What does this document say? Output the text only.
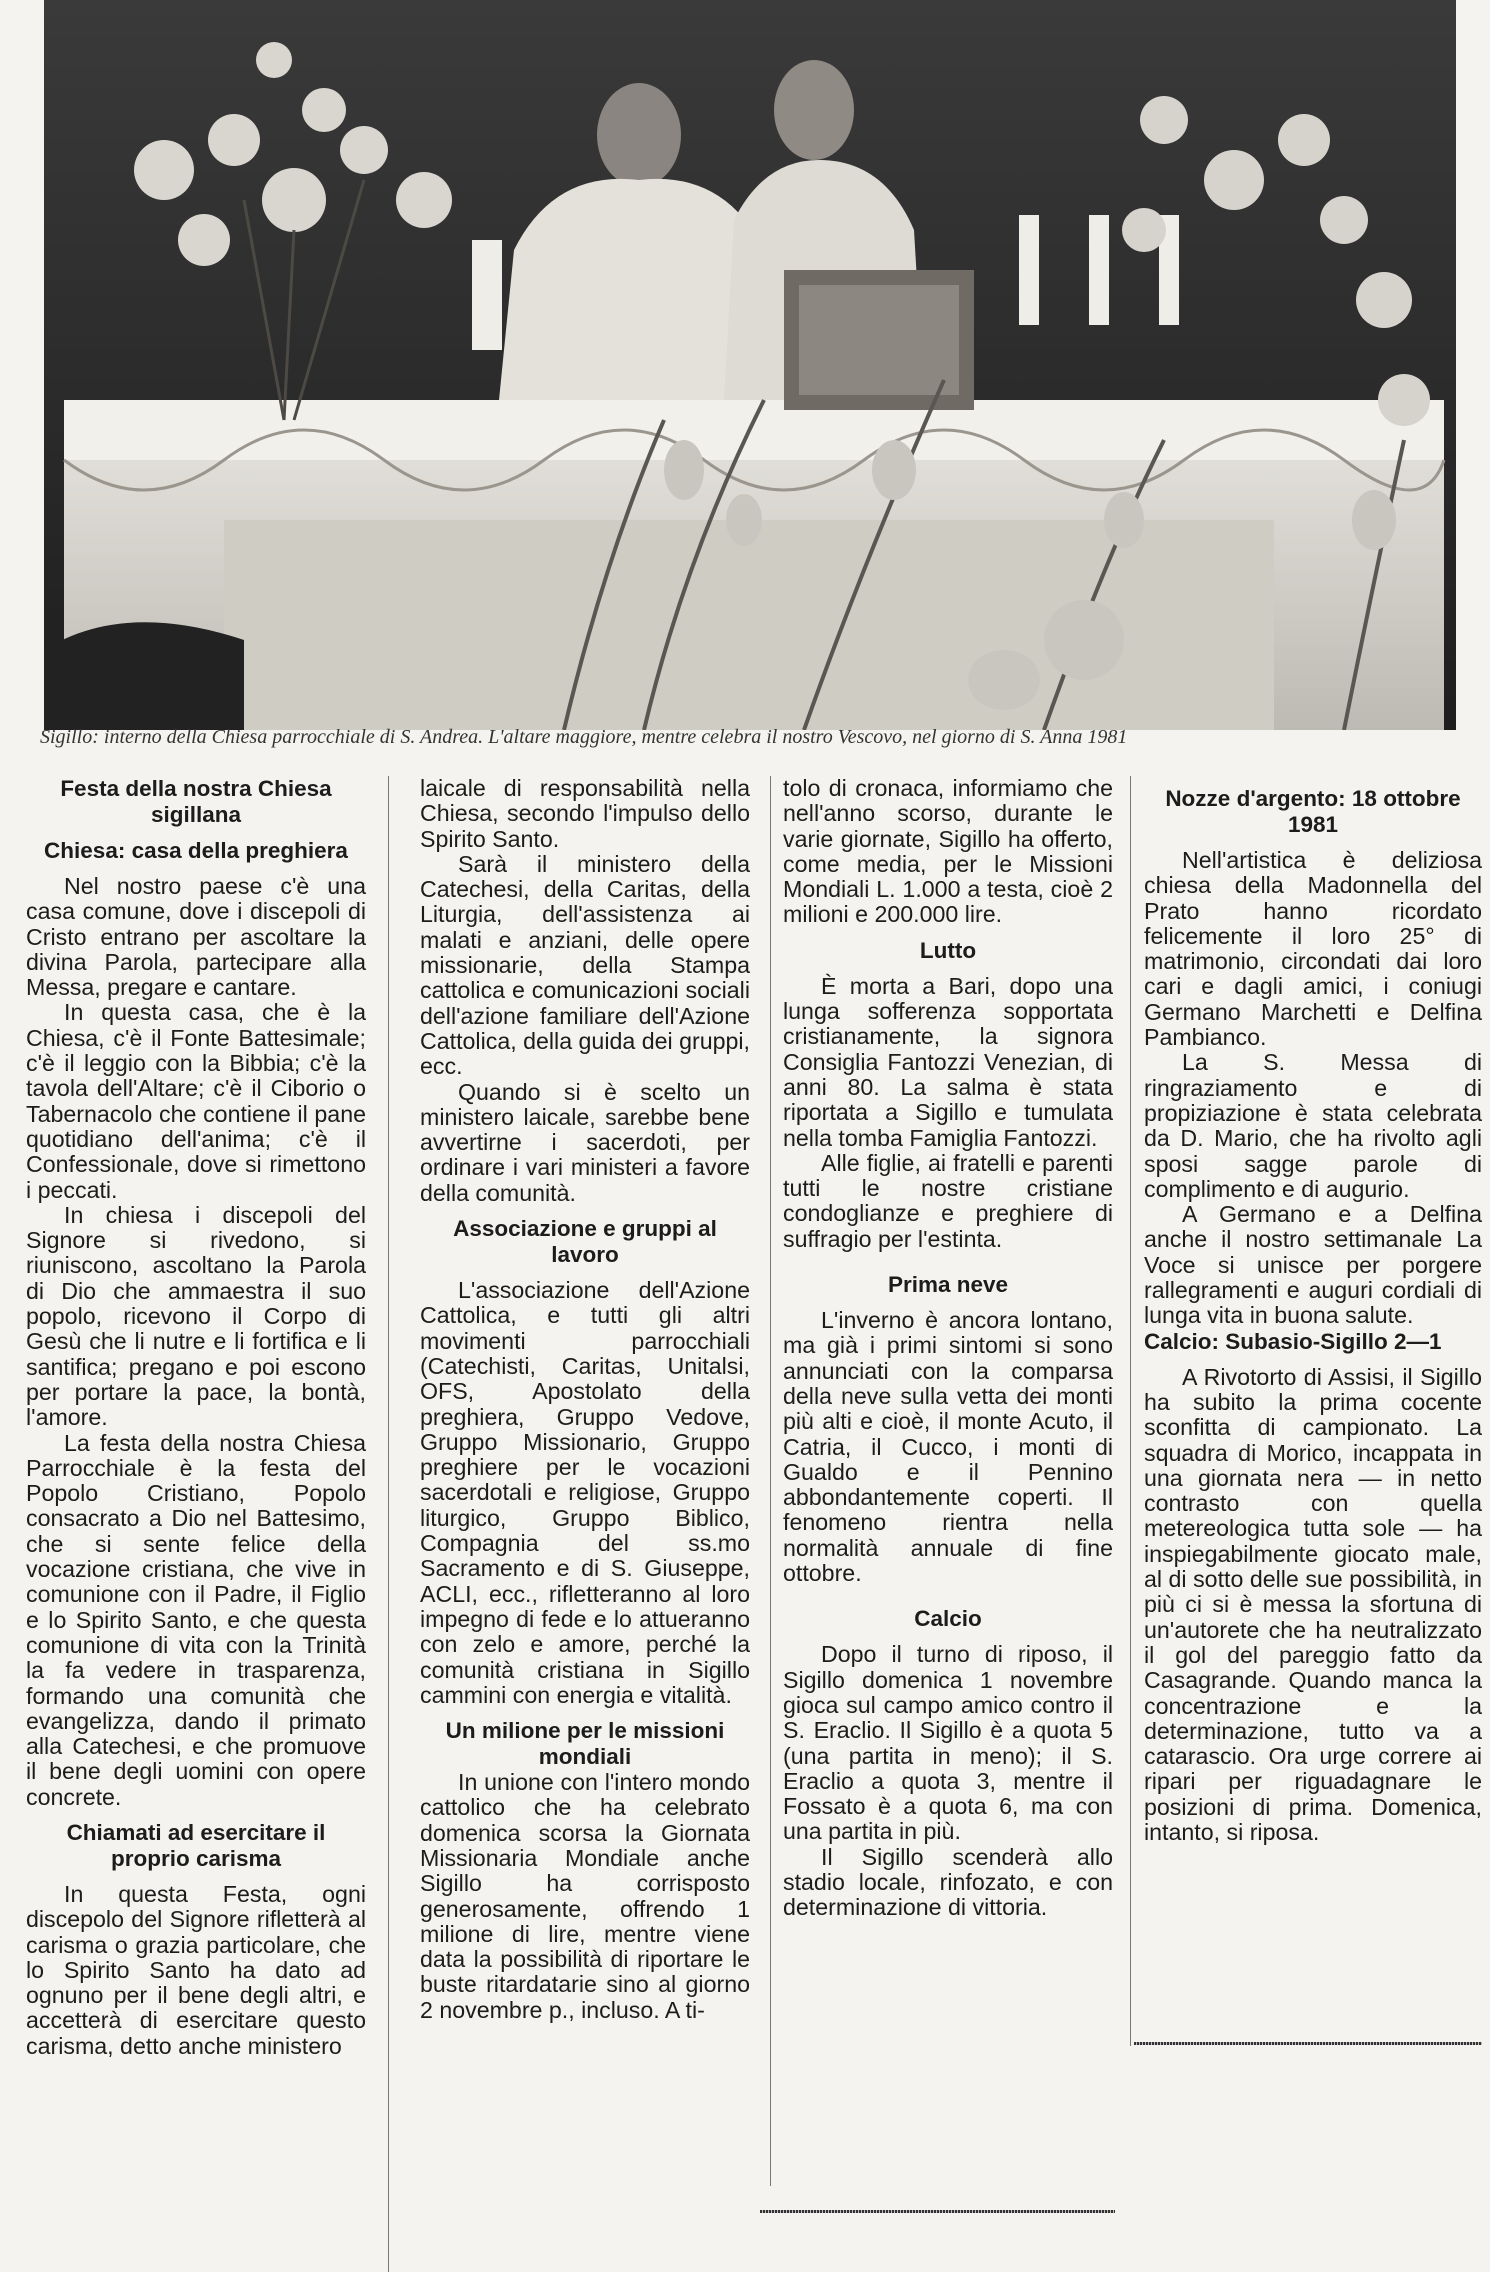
Sigillo: interno della Chiesa parrocchiale di S. Andrea. L'altare maggiore, mentre celebra il nostro Vescovo, nel giorno di S. Anna 1981
Festa della nostra Chiesa sigillana
Chiesa: casa della preghiera

Nel nostro paese c'è una casa comune, dove i discepoli di Cristo entrano per ascoltare la divina Parola, partecipare alla Messa, pregare e cantare.

In questa casa, che è la Chiesa, c'è il Fonte Battesimale; c'è il leggio con la Bibbia; c'è la tavola dell'Altare; c'è il Ciborio o Tabernacolo che contiene il pane quotidiano dell'anima; c'è il Confessionale, dove si rimettono i peccati.

In chiesa i discepoli del Signore si rivedono, si riuniscono, ascoltano la Parola di Dio che ammaestra il suo popolo, ricevono il Corpo di Gesù che li nutre e li fortifica e li santifica; pregano e poi escono per portare la pace, la bontà, l'amore.

La festa della nostra Chiesa Parrocchiale è la festa del Popolo Cristiano, Popolo consacrato a Dio nel Battesimo, che si sente felice della vocazione cristiana, che vive in comunione con il Padre, il Figlio e lo Spirito Santo, e che questa comunione di vita con la Trinità la fa vedere in trasparenza, formando una comunità che evangelizza, dando il primato alla Catechesi, e che promuove il bene degli uomini con opere concrete.

Chiamati ad esercitare il proprio carisma

In questa Festa, ogni discepolo del Signore rifletterà al carisma o grazia particolare, che lo Spirito Santo ha dato ad ognuno per il bene degli altri, e accetterà di esercitare questo carisma, detto anche ministero

laicale di responsabilità nella Chiesa, secondo l'impulso dello Spirito Santo.

Sarà il ministero della Catechesi, della Caritas, della Liturgia, dell'assistenza ai malati e anziani, delle opere missionarie, della Stampa cattolica e comunicazioni sociali dell'azione familiare dell'Azione Cattolica, della guida dei gruppi, ecc.

Quando si è scelto un ministero laicale, sarebbe bene avvertirne i sacerdoti, per ordinare i vari ministeri a favore della comunità.

Associazione e gruppi al lavoro

L'associazione dell'Azione Cattolica, e tutti gli altri movimenti parrocchiali (Catechisti, Caritas, Unitalsi, OFS, Apostolato della preghiera, Gruppo Vedove, Gruppo Missionario, Gruppo preghiere per le vocazioni sacerdotali e religiose, Gruppo liturgico, Gruppo Biblico, Compagnia del ss.mo Sacramento e di S. Giuseppe, ACLI, ecc., rifletteranno al loro impegno di fede e lo attueranno con zelo e amore, perché la comunità cristiana in Sigillo cammini con energia e vitalità.

Un milione per le missioni mondiali

In unione con l'intero mondo cattolico che ha celebrato domenica scorsa la Giornata Missionaria Mondiale anche Sigillo ha corrisposto generosamente, offrendo 1 milione di lire, mentre viene data la possibilità di riportare le buste ritardatarie sino al giorno 2 novembre p., incluso. A ti-

tolo di cronaca, informiamo che nell'anno scorso, durante le varie giornate, Sigillo ha offerto, come media, per le Missioni Mondiali L. 1.000 a testa, cioè 2 milioni e 200.000 lire.

Lutto

È morta a Bari, dopo una lunga sofferenza sopportata cristianamente, la signora Consiglia Fantozzi Venezian, di anni 80. La salma è stata riportata a Sigillo e tumulata nella tomba Famiglia Fantozzi.

Alle figlie, ai fratelli e parenti tutti le nostre cristiane condoglianze e preghiere di suffragio per l'estinta.

Prima neve

L'inverno è ancora lontano, ma già i primi sintomi si sono annunciati con la comparsa della neve sulla vetta dei monti più alti e cioè, il monte Acuto, il Catria, il Cucco, i monti di Gualdo e il Pennino abbondantemente coperti. Il fenomeno rientra nella normalità annuale di fine ottobre.

Calcio

Dopo il turno di riposo, il Sigillo domenica 1 novembre gioca sul campo amico contro il S. Eraclio. Il Sigillo è a quota 5 (una partita in meno); il S. Eraclio a quota 3, mentre il Fossato è a quota 6, ma con una partita in più.

Il Sigillo scenderà allo stadio locale, rinfozato, e con determinazione di vittoria.

Nozze d'argento: 18 ottobre 1981

Nell'artistica è deliziosa chiesa della Madonnella del Prato hanno ricordato felicemente il loro 25° di matrimonio, circondati dai loro cari e dagli amici, i coniugi Germano Marchetti e Delfina Pambianco.

La S. Messa di ringraziamento e di propiziazione è stata celebrata da D. Mario, che ha rivolto agli sposi sagge parole di complimento e di augurio.

A Germano e a Delfina anche il nostro settimanale La Voce si unisce per porgere rallegramenti e auguri cordiali di lunga vita in buona salute.

Calcio: Subasio-Sigillo 2—1

A Rivotorto di Assisi, il Sigillo ha subito la prima cocente sconfitta di campionato. La squadra di Morico, incappata in una giornata nera — in netto contrasto con quella metereologica tutta sole — ha inspiegabilmente giocato male, al di sotto delle sue possibilità, in più ci si è messa la sfortuna di un'autorete che ha neutralizzato il gol del pareggio fatto da Casagrande. Quando manca la concentrazione e la determinazione, tutto va a catarascio. Ora urge correre ai ripari per riguadagnare le posizioni di prima. Domenica, intanto, si riposa.
